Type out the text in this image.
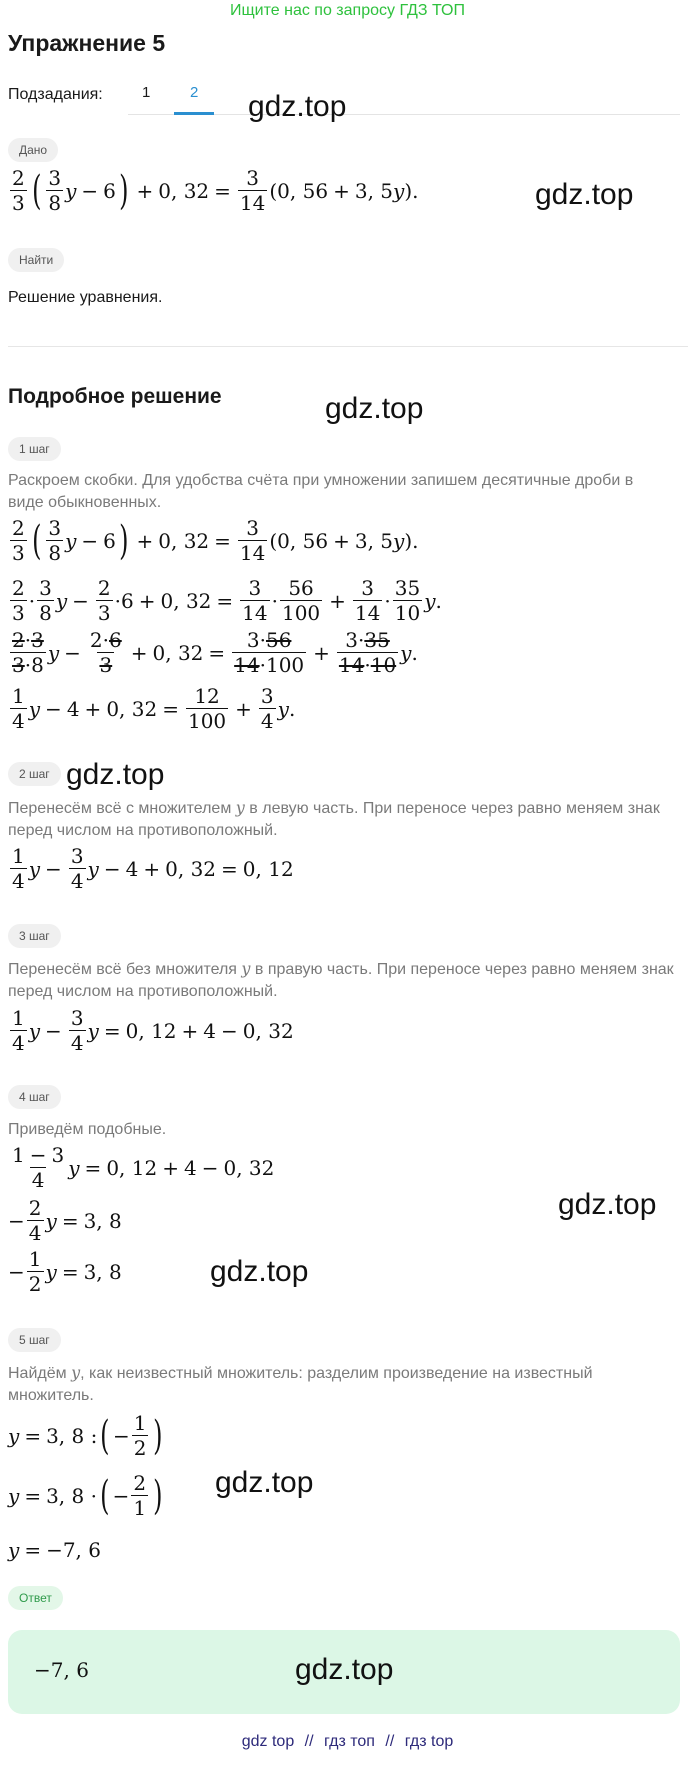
Ищите нас по запросу ГДЗ ТОП
Упражнение 5
Подзадания:	1	2 gdz.top
Дано
$\frac{2}{3}$ ( $\frac{3}{8}$ y − 6 ) + 0, $32 = \frac{3}{14} (0$, 56 + 3, 5 y ).	gdz.top
Найти
Решение уравнения.
Подробное решение	gdz.top
1 шаг
Раскроем скобки. Для удобства счёта при умножении запишем десятичные дроби в виде обыкновенных.
$\frac{2}{3}$ ( $\frac{3}{8}$ y − 6 ) + 0, $32 = \frac{3}{14} (0$, 56 + 3, 5 y ).
$\frac{2}{3} \cdot \frac{3}{8}$ $y - \frac{2}{3} \cdot 6 + 0$, $32 = \frac{3}{14} \cdot \frac{56}{100} + \frac{3}{14} \cdot \frac{35}{10}$ y .
$\frac{2\cdot 3}{3\cdot 8}$ $y - \frac{2\cdot 6}{3} + 0$, $32 = \frac{3\cdot 56}{14\cdot 100} + \frac{3\cdot 35}{14\cdot 10}$ y .
$\frac{1}{4}$ y − 4 + 0, $32 = \frac{12}{100} + \frac{3}{4}$ y .
2 шаг gdz.top
Перенесём всё с множителем y в левую часть. При переносе через равно меняем знак перед числом на противоположный.
$\frac{1}{4}$ $y - \frac{3}{4}$ y − 4 + 0, 32 = 0, 12
3 шаг
Перенесём всё без множителя y в правую часть. При переносе через равно меняем знак перед числом на противоположный.
$\frac{1}{4}$ $y - \frac{3}{4}$ y = 0, 12 + 4 − 0, 32
4 шаг
Приведём подобные.
$\frac{1 - 3}{4}$ y = 0, 12 + 4 − 0, 32
− $\frac{2}{4}$ y = 3, 8	gdz.top
− $\frac{1}{2}$ y = 3, 8	gdz.top
5 шаг
Найдём y, как неизвестный множитель: разделим произведение на известный множитель.
y = 3, 8 : ( − $\frac{1}{2}$ )
y = 3, 8 · ( − $\frac{2}{1}$ ) gdz.top
y = −7, 6
Ответ
−7, 6	gdz.top
gdz top // гдз топ // гдз top
